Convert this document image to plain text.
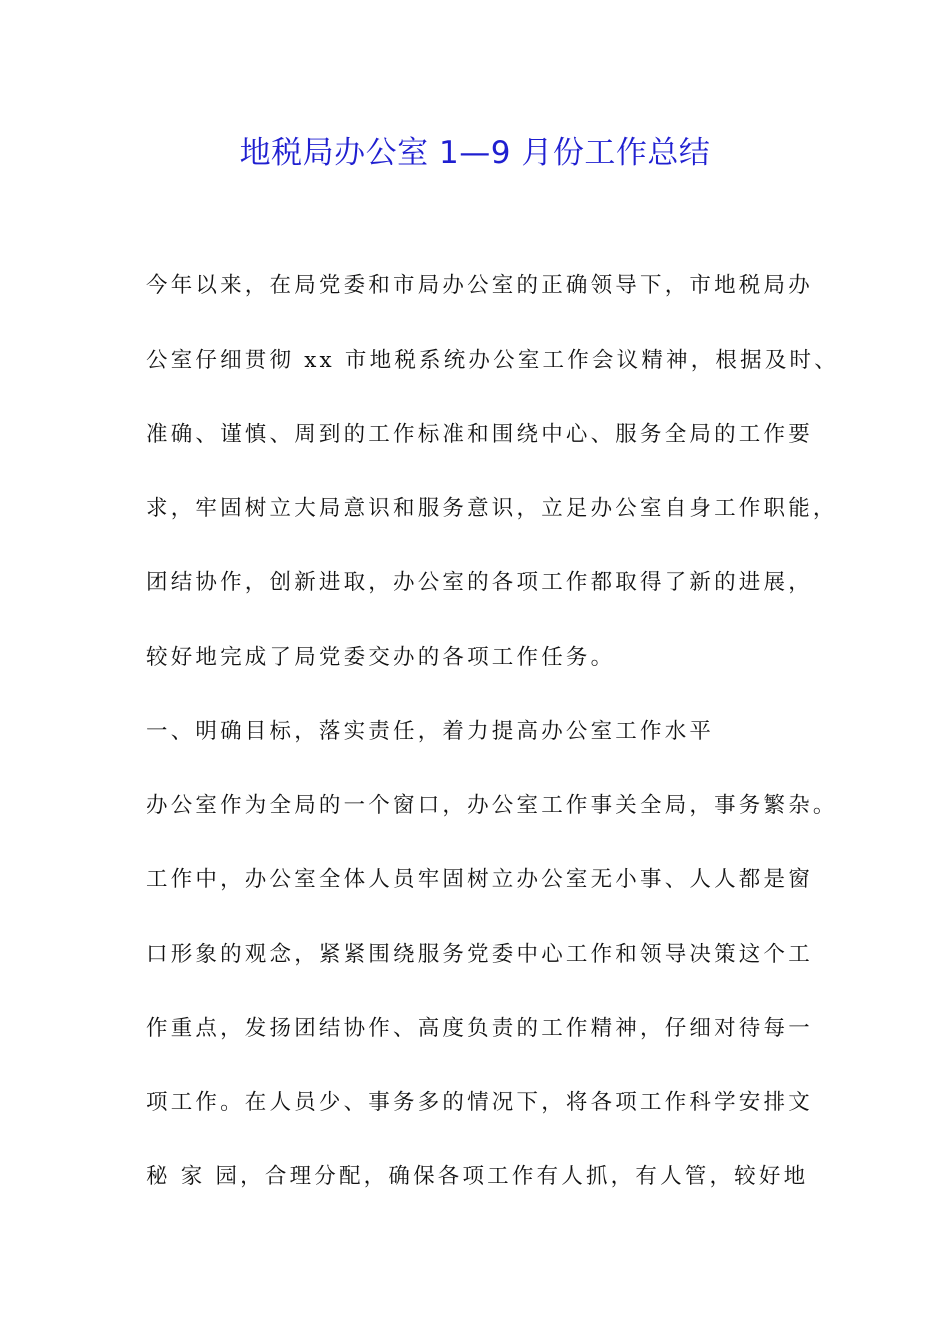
地税局办公室 1—9 月份工作总结
今年以来，在局党委和市局办公室的正确领导下，市地税局办
公室仔细贯彻 xx 市地税系统办公室工作会议精神，根据及时、
准确、谨慎、周到的工作标准和围绕中心、服务全局的工作要
求，牢固树立大局意识和服务意识，立足办公室自身工作职能，
团结协作，创新进取，办公室的各项工作都取得了新的进展，
较好地完成了局党委交办的各项工作任务。
一、明确目标，落实责任，着力提高办公室工作水平
办公室作为全局的一个窗口，办公室工作事关全局，事务繁杂。
工作中，办公室全体人员牢固树立办公室无小事、人人都是窗
口形象的观念，紧紧围绕服务党委中心工作和领导决策这个工
作重点，发扬团结协作、高度负责的工作精神，仔细对待每一
项工作。在人员少、事务多的情况下，将各项工作科学安排文
秘 家 园，合理分配，确保各项工作有人抓，有人管，较好地
